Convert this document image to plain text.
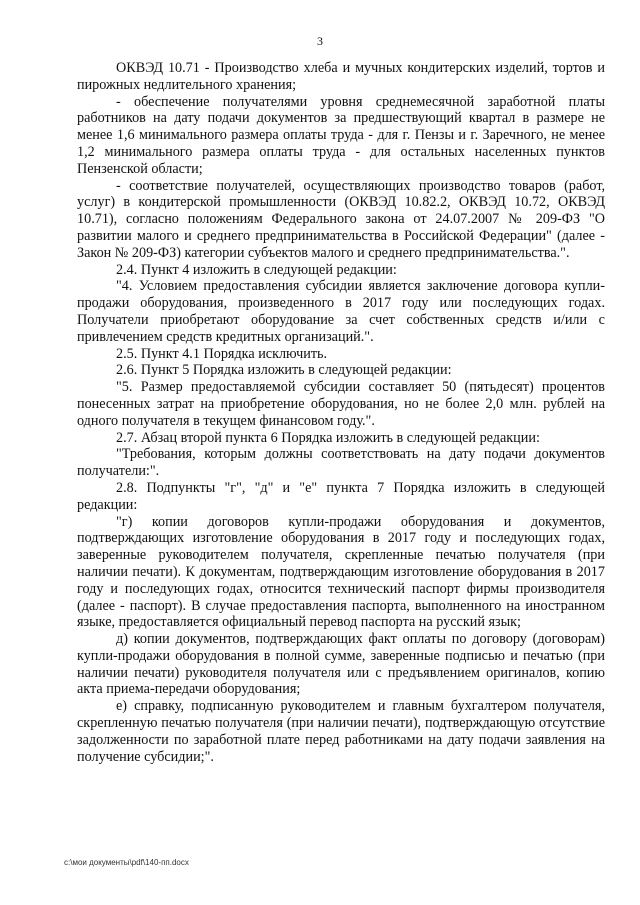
3

ОКВЭД 10.71 - Производство хлеба и мучных кондитерских изделий, тортов и пирожных недлительного хранения;

- обеспечение получателями уровня среднемесячной заработной платы работников на дату подачи документов за предшествующий квартал в размере не менее 1,6 минимального размера оплаты труда - для г. Пензы и г. Заречного, не менее 1,2 минимального размера оплаты труда - для остальных населенных пунктов Пензенской области;

- соответствие получателей, осуществляющих производство товаров (работ, услуг) в кондитерской промышленности (ОКВЭД 10.82.2, ОКВЭД 10.72, ОКВЭД 10.71), согласно положениям Федерального закона от 24.07.2007 № 209-ФЗ "О развитии малого и среднего предпринимательства в Российской Федерации" (далее - Закон № 209-ФЗ) категории субъектов малого и среднего предпринимательства.".

2.4. Пункт 4 изложить в следующей редакции:

"4. Условием предоставления субсидии является заключение договора купли-продажи оборудования, произведенного в 2017 году или последующих годах. Получатели приобретают оборудование за счет собственных средств и/или с привлечением средств кредитных организаций.".

2.5. Пункт 4.1 Порядка исключить.

2.6. Пункт 5 Порядка изложить в следующей редакции:

"5. Размер предоставляемой субсидии составляет 50 (пятьдесят) процентов понесенных затрат на приобретение оборудования, но не более 2,0 млн. рублей на одного получателя в текущем финансовом году.".

2.7. Абзац второй пункта 6 Порядка изложить в следующей редакции:

"Требования, которым должны соответствовать на дату подачи документов получатели:".

2.8. Подпункты "г", "д" и "е" пункта 7 Порядка изложить в следующей редакции:

"г) копии договоров купли-продажи оборудования и документов, подтверждающих изготовление оборудования в 2017 году и последующих годах, заверенные руководителем получателя, скрепленные печатью получателя (при наличии печати). К документам, подтверждающим изготовление оборудования в 2017 году и последующих годах, относится технический паспорт фирмы производителя (далее - паспорт). В случае предоставления паспорта, выполненного на иностранном языке, предоставляется официальный перевод паспорта на русский язык;

д) копии документов, подтверждающих факт оплаты по договору (договорам) купли-продажи оборудования в полной сумме, заверенные подписью и печатью (при наличии печати) руководителя получателя или с предъявлением оригиналов, копию акта приема-передачи оборудования;

е) справку, подписанную руководителем и главным бухгалтером получателя, скрепленную печатью получателя (при наличии печати), подтверждающую отсутствие задолженности по заработной плате перед работниками на дату подачи заявления на получение субсидии;".

c:\мои документы\pdf\140-пп.docx
